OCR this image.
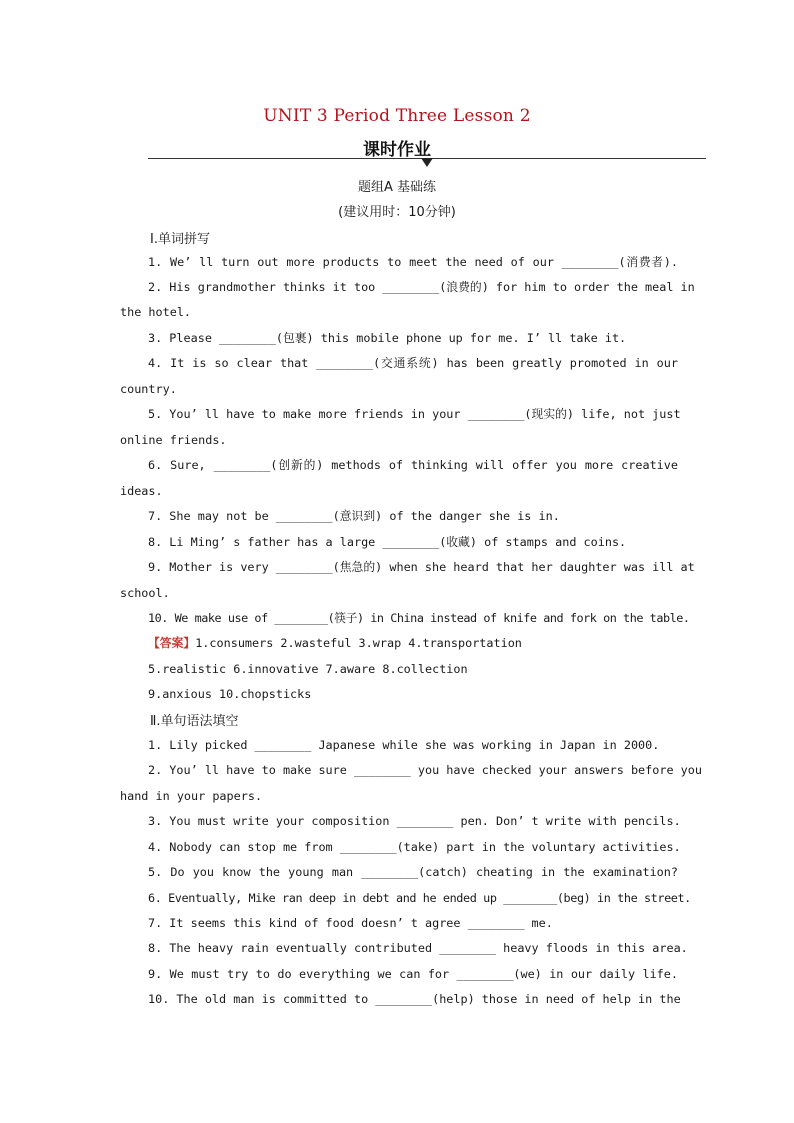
UNIT 3 Period Three Lesson 2
课时作业
题组A 基础练
(建议用时：10分钟)
Ⅰ.单词拼写
1. We’ ll turn out more products to meet the need of our ________(消费者).
2. His grandmother thinks it too ________(浪费的) for him to order the meal in
the hotel.
3. Please ________(包裹) this mobile phone up for me. I’ ll take it.
4. It is so clear that ________(交通系统) has been greatly promoted in our
country.
5. You’ ll have to make more friends in your ________(现实的) life, not just
online friends.
6. Sure, ________(创新的) methods of thinking will offer you more creative
ideas.
7. She may not be ________(意识到) of the danger she is in.
8. Li Ming’ s father has a large ________(收藏) of stamps and coins.
9. Mother is very ________(焦急的) when she heard that her daughter was ill at
school.
10. We make use of ________(筷子) in China instead of knife and fork on the table.
【答案】1.consumers 2.wasteful 3.wrap 4.transportation
5.realistic 6.innovative 7.aware 8.collection
9.anxious 10.chopsticks
Ⅱ.单句语法填空
1. Lily picked ________ Japanese while she was working in Japan in 2000.
2. You’ ll have to make sure ________ you have checked your answers before you
hand in your papers.
3. You must write your composition ________ pen. Don’ t write with pencils.
4. Nobody can stop me from ________(take) part in the voluntary activities.
5. Do you know the young man ________(catch) cheating in the examination?
6. Eventually, Mike ran deep in debt and he ended up ________(beg) in the street.
7. It seems this kind of food doesn’ t agree ________ me.
8. The heavy rain eventually contributed ________ heavy floods in this area.
9. We must try to do everything we can for ________(we) in our daily life.
10. The old man is committed to ________(help) those in need of help in the
